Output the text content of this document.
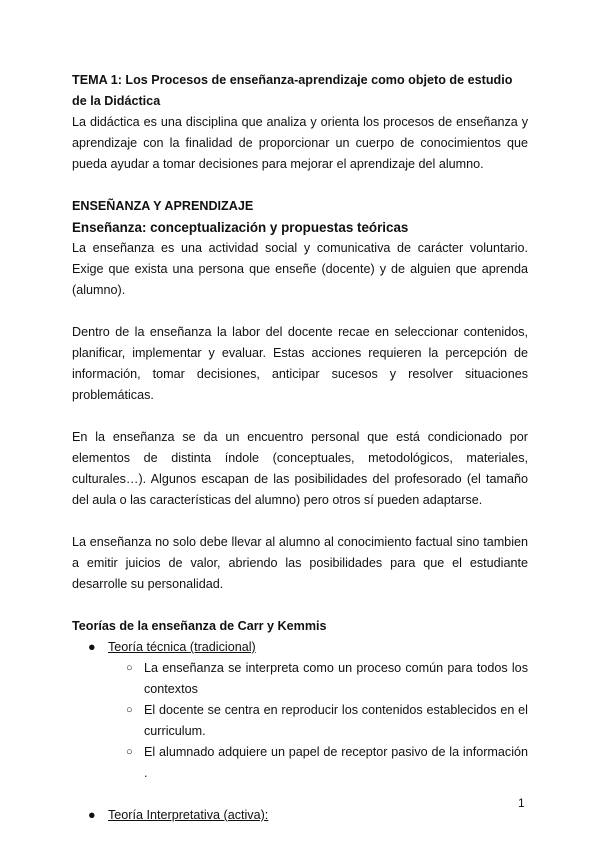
TEMA 1: Los Procesos de enseñanza-aprendizaje como objeto de estudio de la Didáctica

La didáctica es una disciplina que analiza y orienta los procesos de enseñanza y aprendizaje con la finalidad de proporcionar un cuerpo de conocimientos que pueda ayudar a tomar decisiones para mejorar el aprendizaje del alumno.

ENSEÑANZA Y APRENDIZAJE

Enseñanza: conceptualización y propuestas teóricas

La enseñanza es una actividad social y comunicativa de carácter voluntario. Exige que exista una persona que enseñe (docente) y de alguien que aprenda (alumno).

Dentro de la enseñanza la labor del docente recae en seleccionar contenidos, planificar, implementar y evaluar. Estas acciones requieren la percepción de información, tomar decisiones, anticipar sucesos y resolver situaciones problemáticas.

En la enseñanza se da un encuentro personal que está condicionado por elementos de distinta índole (conceptuales, metodológicos, materiales, culturales…). Algunos escapan de las posibilidades del profesorado (el tamaño del aula o las características del alumno) pero otros sí pueden adaptarse.

La enseñanza no solo debe llevar al alumno al conocimiento factual sino tambien a emitir juicios de valor, abriendo las posibilidades para que el estudiante desarrolle su personalidad.

Teorías de la enseñanza de Carr y Kemmis

● Teoría técnica (tradicional)
○ La enseñanza se interpreta como un proceso común para todos los contextos
○ El docente se centra en reproducir los contenidos establecidos en el curriculum.
○ El alumnado adquiere un papel de receptor pasivo de la información .
● Teoría Interpretativa (activa):
1
